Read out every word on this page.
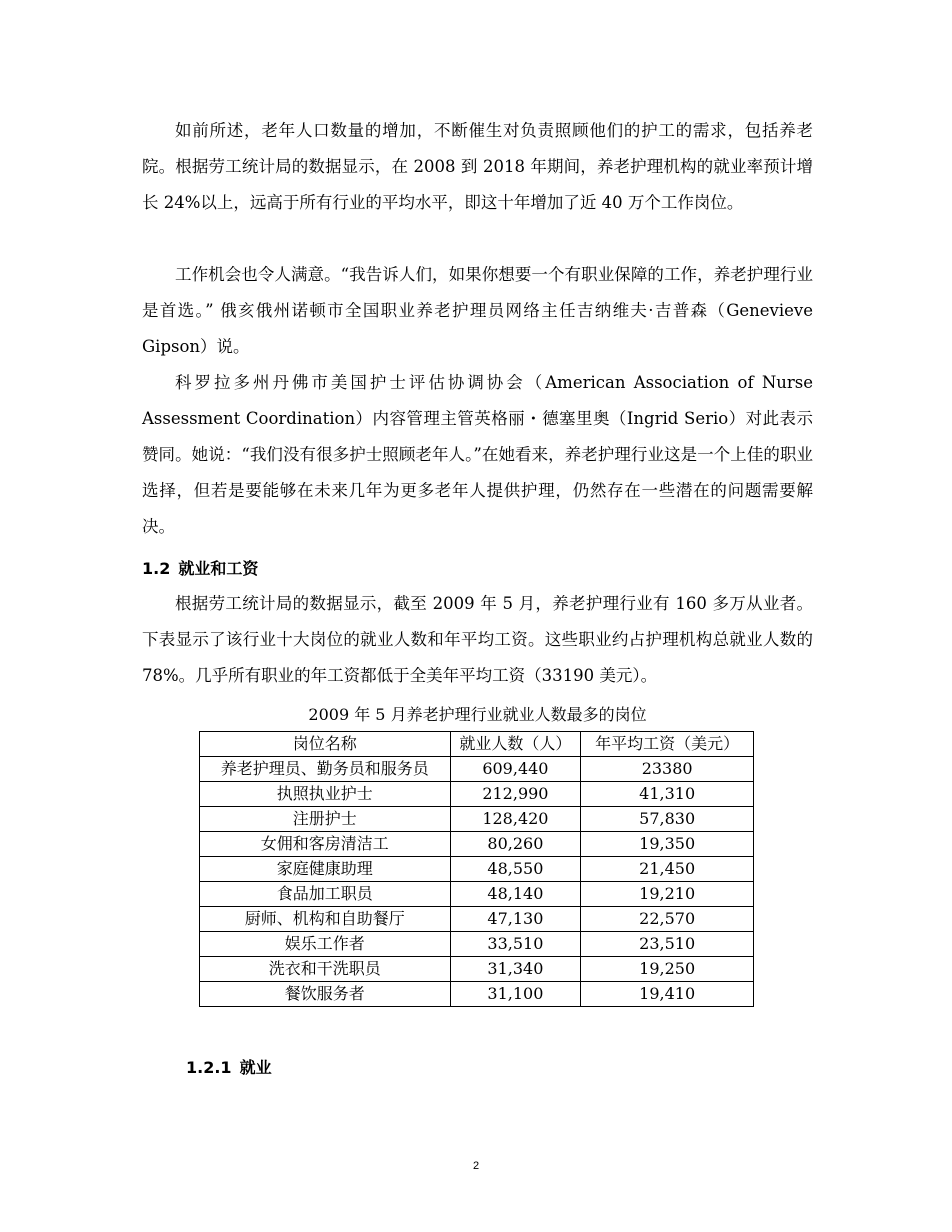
如前所述，老年人口数量的增加，不断催生对负责照顾他们的护工的需求，包括养老院。根据劳工统计局的数据显示，在 2008 到 2018 年期间，养老护理机构的就业率预计增长 24%以上，远高于所有行业的平均水平，即这十年增加了近 40 万个工作岗位。

工作机会也令人满意。“我告诉人们，如果你想要一个有职业保障的工作，养老护理行业是首选。” 俄亥俄州诺顿市全国职业养老护理员网络主任吉纳维夫·吉普森（Genevieve Gipson）说。

科罗拉多州丹佛市美国护士评估协调协会（American Association of Nurse Assessment Coordination）内容管理主管英格丽・德塞里奥（Ingrid Serio）对此表示赞同。她说：“我们没有很多护士照顾老年人。”在她看来，养老护理行业这是一个上佳的职业选择，但若是要能够在未来几年为更多老年人提供护理，仍然存在一些潜在的问题需要解决。

1.2 就业和工资

根据劳工统计局的数据显示，截至 2009 年 5 月，养老护理行业有 160 多万从业者。下表显示了该行业十大岗位的就业人数和年平均工资。这些职业约占护理机构总就业人数的 78%。几乎所有职业的年工资都低于全美年平均工资（33190 美元）。

2009 年 5 月养老护理行业就业人数最多的岗位

岗位名称	就业人数（人）	年平均工资（美元）
养老护理员、勤务员和服务员	609,440	23380
执照执业护士	212,990	41,310
注册护士	128,420	57,830
女佣和客房清洁工	80,260	19,350
家庭健康助理	48,550	21,450
食品加工职员	48,140	19,210
厨师、机构和自助餐厅	47,130	22,570
娱乐工作者	33,510	23,510
洗衣和干洗职员	31,340	19,250
餐饮服务者	31,100	19,410
1.2.1 就业
2
